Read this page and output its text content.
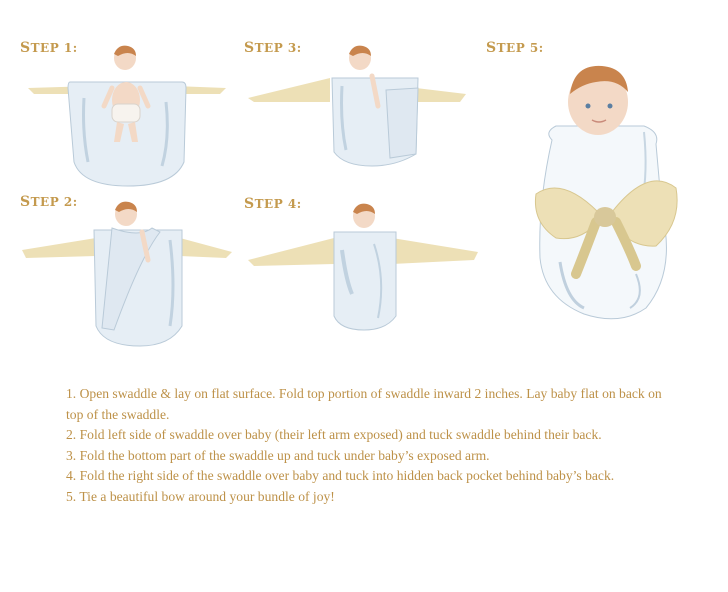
STEP 1:
STEP 2:
STEP 3:
STEP 4:
STEP 5:

1. Open swaddle & lay on flat surface. Fold top portion of swaddle inward 2 inches. Lay baby flat on back on top of the swaddle.

2. Fold left side of swaddle over baby (their left arm exposed) and tuck swaddle behind their back.

3. Fold the bottom part of the swaddle up and tuck under baby’s exposed arm.

4. Fold the right side of the swaddle over baby and tuck into hidden back pocket behind baby’s back.

5. Tie a beautiful bow around your bundle of joy!
